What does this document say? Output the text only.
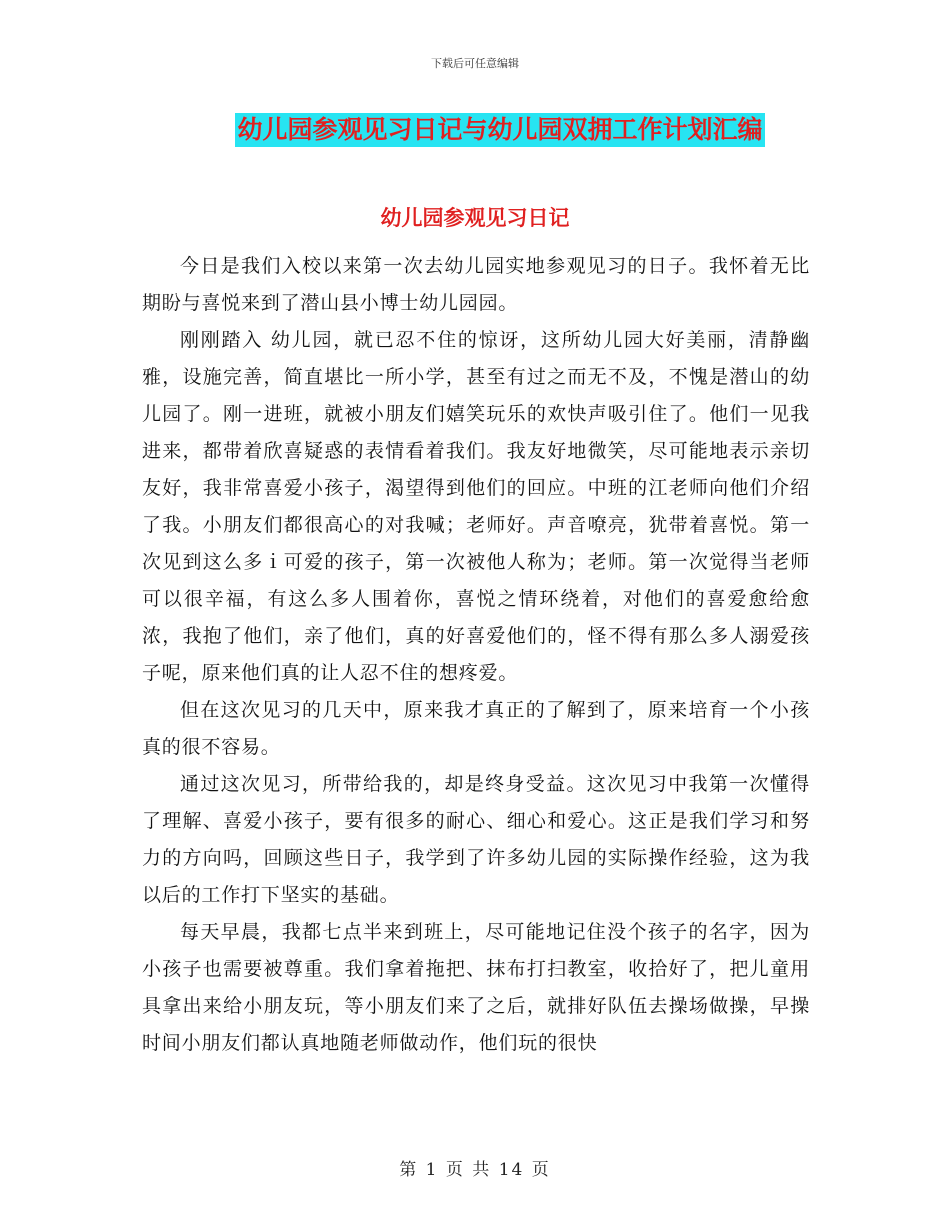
下载后可任意编辑
幼儿园参观见习日记与幼儿园双拥工作计划汇编
幼儿园参观见习日记

今日是我们入校以来第一次去幼儿园实地参观见习的日子。我怀着无比期盼与喜悦来到了潜山县小博士幼儿园园。

刚刚踏入 幼儿园，就已忍不住的惊讶，这所幼儿园大好美丽，清静幽雅，设施完善，简直堪比一所小学，甚至有过之而无不及，不愧是潜山的幼儿园了。刚一进班，就被小朋友们嬉笑玩乐的欢快声吸引住了。他们一见我进来，都带着欣喜疑惑的表情看着我们。我友好地微笑，尽可能地表示亲切友好，我非常喜爱小孩子，渴望得到他们的回应。中班的江老师向他们介绍了我。小朋友们都很高心的对我喊；老师好。声音嘹亮，犹带着喜悦。第一次见到这么多ｉ可爱的孩子，第一次被他人称为；老师。第一次觉得当老师可以很辛福，有这么多人围着你，喜悦之情环绕着，对他们的喜爱愈给愈浓，我抱了他们，亲了他们，真的好喜爱他们的，怪不得有那么多人溺爱孩子呢，原来他们真的让人忍不住的想疼爱。

但在这次见习的几天中，原来我才真正的了解到了，原来培育一个小孩真的很不容易。

通过这次见习，所带给我的，却是终身受益。这次见习中我第一次懂得了理解、喜爱小孩子，要有很多的耐心、细心和爱心。这正是我们学习和努力的方向吗，回顾这些日子，我学到了许多幼儿园的实际操作经验，这为我以后的工作打下坚实的基础。

每天早晨，我都七点半来到班上，尽可能地记住没个孩子的名字，因为小孩子也需要被尊重。我们拿着拖把、抹布打扫教室，收拾好了，把儿童用具拿出来给小朋友玩，等小朋友们来了之后，就排好队伍去操场做操，早操时间小朋友们都认真地随老师做动作，他们玩的很快

第 1 页 共 14 页
